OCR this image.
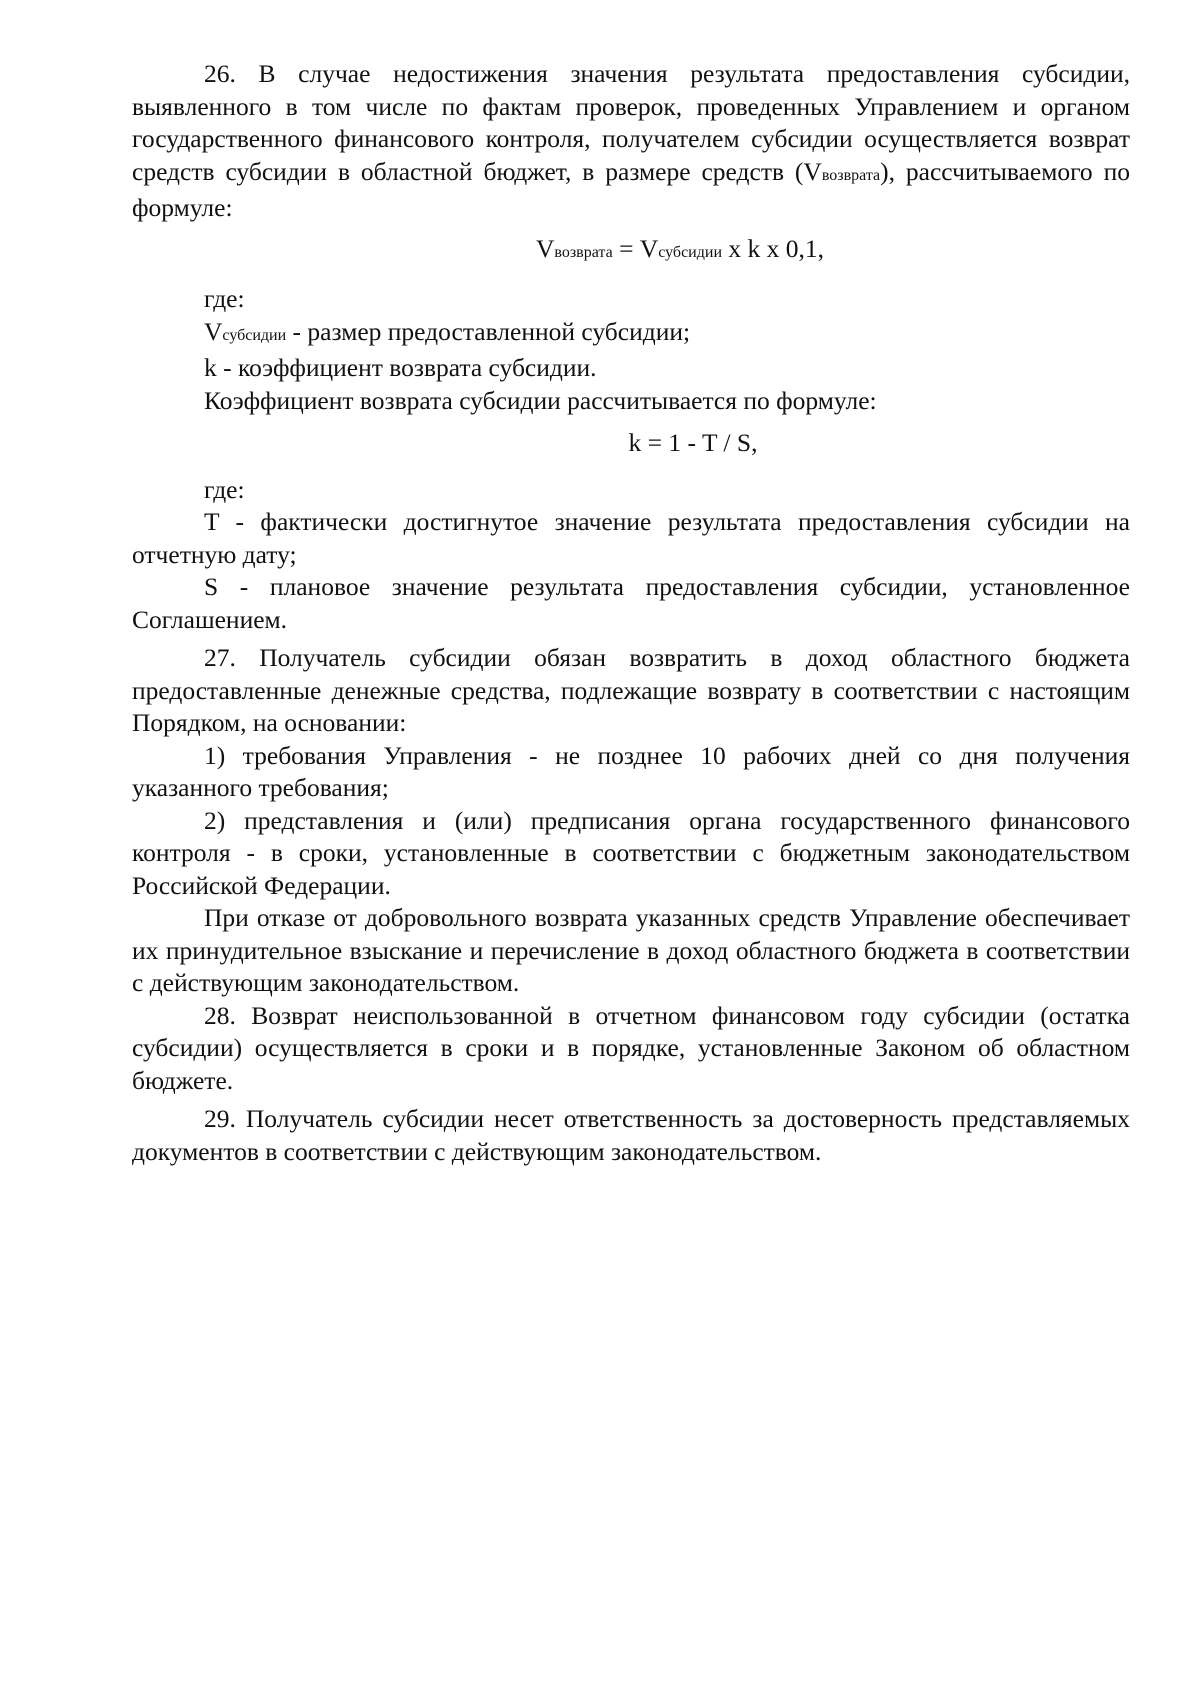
26. В случае недостижения значения результата предоставления субсидии, выявленного в том числе по фактам проверок, проведенных Управлением и органом государственного финансового контроля, получателем субсидии осуществляется возврат средств субсидии в областной бюджет, в размере средств (Vвозврата), рассчитываемого по формуле:

Vвозврата = Vсубсидии x k x 0,1,

где:

Vсубсидии - размер предоставленной субсидии;

k - коэффициент возврата субсидии.

Коэффициент возврата субсидии рассчитывается по формуле:

k = 1 - T / S,

где:

T - фактически достигнутое значение результата предоставления субсидии на отчетную дату;

S - плановое значение результата предоставления субсидии, установленное Соглашением.

27. Получатель субсидии обязан возвратить в доход областного бюджета предоставленные денежные средства, подлежащие возврату в соответствии с настоящим Порядком, на основании:

1) требования Управления - не позднее 10 рабочих дней со дня получения указанного требования;

2) представления и (или) предписания органа государственного финансового контроля - в сроки, установленные в соответствии с бюджетным законодательством Российской Федерации.

При отказе от добровольного возврата указанных средств Управление обеспечивает их принудительное взыскание и перечисление в доход областного бюджета в соответствии с действующим законодательством.

28. Возврат неиспользованной в отчетном финансовом году субсидии (остатка субсидии) осуществляется в сроки и в порядке, установленные Законом об областном бюджете.

29. Получатель субсидии несет ответственность за достоверность представляемых документов в соответствии с действующим законодательством.
